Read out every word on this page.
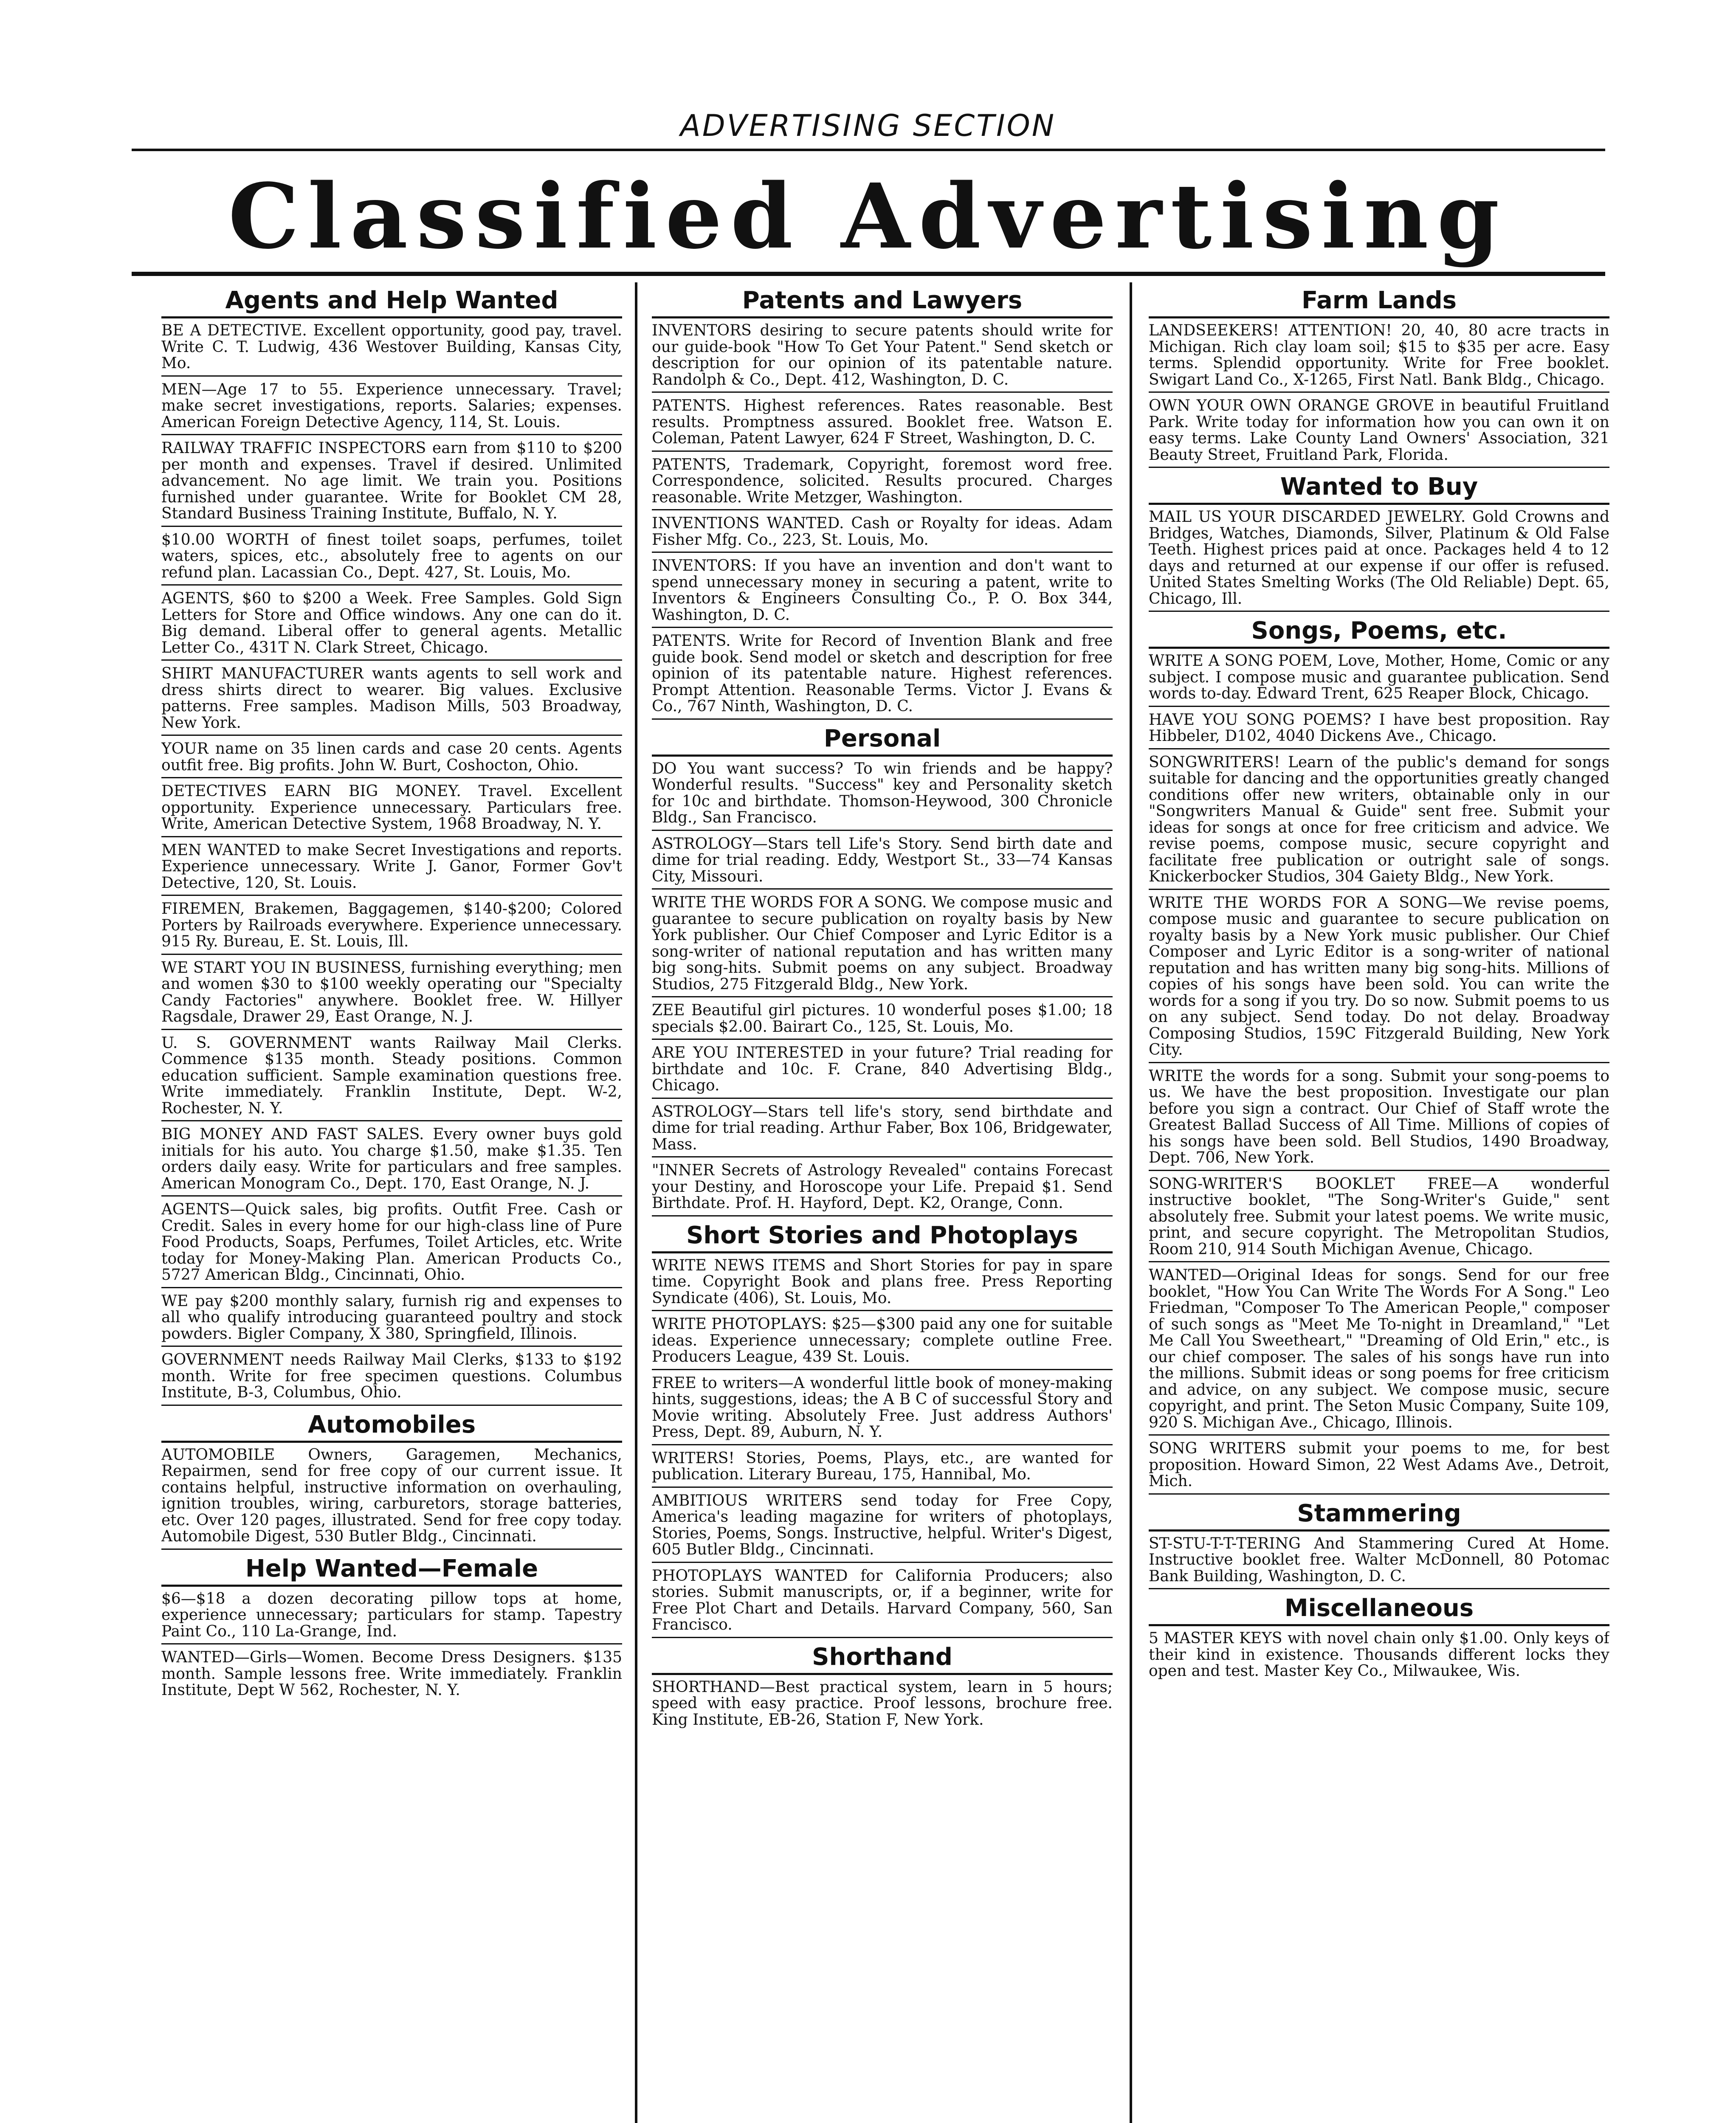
ADVERTISING SECTION
Classified Advertising
Agents and Help Wanted
BE A DETECTIVE. Excellent opportunity, good pay, travel. Write C. T. Ludwig, 436 Westover Building, Kansas City, Mo.
MEN—Age 17 to 55. Experience unnecessary. Travel; make secret investigations, reports. Salaries; expenses. American Foreign Detective Agency, 114, St. Louis.
RAILWAY TRAFFIC INSPECTORS earn from $110 to $200 per month and expenses. Travel if desired. Unlimited advancement. No age limit. We train you. Positions furnished under guarantee. Write for Booklet CM 28, Standard Business Training Institute, Buffalo, N. Y.
$10.00 WORTH of finest toilet soaps, perfumes, toilet waters, spices, etc., absolutely free to agents on our refund plan. Lacassian Co., Dept. 427, St. Louis, Mo.
AGENTS, $60 to $200 a Week. Free Samples. Gold Sign Letters for Store and Office windows. Any one can do it. Big demand. Liberal offer to general agents. Metallic Letter Co., 431T N. Clark Street, Chicago.
SHIRT MANUFACTURER wants agents to sell work and dress shirts direct to wearer. Big values. Exclusive patterns. Free samples. Madison Mills, 503 Broadway, New York.
YOUR name on 35 linen cards and case 20 cents. Agents outfit free. Big profits. John W. Burt, Coshocton, Ohio.
DETECTIVES EARN BIG MONEY. Travel. Excellent opportunity. Experience unnecessary. Particulars free. Write, American Detective System, 1968 Broadway, N. Y.
MEN WANTED to make Secret Investigations and reports. Experience unnecessary. Write J. Ganor, Former Gov't Detective, 120, St. Louis.
FIREMEN, Brakemen, Baggagemen, $140-$200; Colored Porters by Railroads everywhere. Experience unnecessary. 915 Ry. Bureau, E. St. Louis, Ill.
WE START YOU IN BUSINESS, furnishing everything; men and women $30 to $100 weekly operating our "Specialty Candy Factories" anywhere. Booklet free. W. Hillyer Ragsdale, Drawer 29, East Orange, N. J.
U. S. GOVERNMENT wants Railway Mail Clerks. Commence $135 month. Steady positions. Common education sufficient. Sample examination questions free. Write immediately. Franklin Institute, Dept. W-2, Rochester, N. Y.
BIG MONEY AND FAST SALES. Every owner buys gold initials for his auto. You charge $1.50, make $1.35. Ten orders daily easy. Write for particulars and free samples. American Monogram Co., Dept. 170, East Orange, N. J.
AGENTS—Quick sales, big profits. Outfit Free. Cash or Credit. Sales in every home for our high-class line of Pure Food Products, Soaps, Perfumes, Toilet Articles, etc. Write today for Money-Making Plan. American Products Co., 5727 American Bldg., Cincinnati, Ohio.
WE pay $200 monthly salary, furnish rig and expenses to all who qualify introducing guaranteed poultry and stock powders. Bigler Company, X 380, Springfield, Illinois.
GOVERNMENT needs Railway Mail Clerks, $133 to $192 month. Write for free specimen questions. Columbus Institute, B-3, Columbus, Ohio.
Automobiles
AUTOMOBILE Owners, Garagemen, Mechanics, Repairmen, send for free copy of our current issue. It contains helpful, instructive information on overhauling, ignition troubles, wiring, carburetors, storage batteries, etc. Over 120 pages, illustrated. Send for free copy today. Automobile Digest, 530 Butler Bldg., Cincinnati.
Help Wanted—Female
$6—$18 a dozen decorating pillow tops at home, experience unnecessary; particulars for stamp. Tapestry Paint Co., 110 La-Grange, Ind.
WANTED—Girls—Women. Become Dress Designers. $135 month. Sample lessons free. Write immediately. Franklin Institute, Dept W 562, Rochester, N. Y.
Patents and Lawyers
INVENTORS desiring to secure patents should write for our guide-book "How To Get Your Patent." Send sketch or description for our opinion of its patentable nature. Randolph & Co., Dept. 412, Washington, D. C.
PATENTS. Highest references. Rates reasonable. Best results. Promptness assured. Booklet free. Watson E. Coleman, Patent Lawyer, 624 F Street, Washington, D. C.
PATENTS, Trademark, Copyright, foremost word free. Correspondence, solicited. Results procured. Charges reasonable. Write Metzger, Washington.
INVENTIONS WANTED. Cash or Royalty for ideas. Adam Fisher Mfg. Co., 223, St. Louis, Mo.
INVENTORS: If you have an invention and don't want to spend unnecessary money in securing a patent, write to Inventors & Engineers Consulting Co., P. O. Box 344, Washington, D. C.
PATENTS. Write for Record of Invention Blank and free guide book. Send model or sketch and description for free opinion of its patentable nature. Highest references. Prompt Attention. Reasonable Terms. Victor J. Evans & Co., 767 Ninth, Washington, D. C.
Personal
DO You want success? To win friends and be happy? Wonderful results. "Success" key and Personality sketch for 10c and birthdate. Thomson-Heywood, 300 Chronicle Bldg., San Francisco.
ASTROLOGY—Stars tell Life's Story. Send birth date and dime for trial reading. Eddy, Westport St., 33—74 Kansas City, Missouri.
WRITE THE WORDS FOR A SONG. We compose music and guarantee to secure publication on royalty basis by New York publisher. Our Chief Composer and Lyric Editor is a song-writer of national reputation and has written many big song-hits. Submit poems on any subject. Broadway Studios, 275 Fitzgerald Bldg., New York.
ZEE Beautiful girl pictures. 10 wonderful poses $1.00; 18 specials $2.00. Bairart Co., 125, St. Louis, Mo.
ARE YOU INTERESTED in your future? Trial reading for birthdate and 10c. F. Crane, 840 Advertising Bldg., Chicago.
ASTROLOGY—Stars tell life's story, send birthdate and dime for trial reading. Arthur Faber, Box 106, Bridgewater, Mass.
"INNER Secrets of Astrology Revealed" contains Forecast your Destiny, and Horoscope your Life. Prepaid $1. Send Birthdate. Prof. H. Hayford, Dept. K2, Orange, Conn.
Short Stories and Photoplays
WRITE NEWS ITEMS and Short Stories for pay in spare time. Copyright Book and plans free. Press Reporting Syndicate (406), St. Louis, Mo.
WRITE PHOTOPLAYS: $25—$300 paid any one for suitable ideas. Experience unnecessary; complete outline Free. Producers League, 439 St. Louis.
FREE to writers—A wonderful little book of money-making hints, suggestions, ideas; the A B C of successful Story and Movie writing. Absolutely Free. Just address Authors' Press, Dept. 89, Auburn, N. Y.
WRITERS! Stories, Poems, Plays, etc., are wanted for publication. Literary Bureau, 175, Hannibal, Mo.
AMBITIOUS WRITERS send today for Free Copy, America's leading magazine for writers of photoplays, Stories, Poems, Songs. Instructive, helpful. Writer's Digest, 605 Butler Bldg., Cincinnati.
PHOTOPLAYS WANTED for California Producers; also stories. Submit manuscripts, or, if a beginner, write for Free Plot Chart and Details. Harvard Company, 560, San Francisco.
Shorthand
SHORTHAND—Best practical system, learn in 5 hours; speed with easy practice. Proof lessons, brochure free. King Institute, EB-26, Station F, New York.
Farm Lands
LANDSEEKERS! ATTENTION! 20, 40, 80 acre tracts in Michigan. Rich clay loam soil; $15 to $35 per acre. Easy terms. Splendid opportunity. Write for Free booklet. Swigart Land Co., X-1265, First Natl. Bank Bldg., Chicago.
OWN YOUR OWN ORANGE GROVE in beautiful Fruitland Park. Write today for information how you can own it on easy terms. Lake County Land Owners' Association, 321 Beauty Street, Fruitland Park, Florida.
Wanted to Buy
MAIL US YOUR DISCARDED JEWELRY. Gold Crowns and Bridges, Watches, Diamonds, Silver, Platinum & Old False Teeth. Highest prices paid at once. Packages held 4 to 12 days and returned at our expense if our offer is refused. United States Smelting Works (The Old Reliable) Dept. 65, Chicago, Ill.
Songs, Poems, etc.
WRITE A SONG POEM, Love, Mother, Home, Comic or any subject. I compose music and guarantee publication. Send words to-day. Edward Trent, 625 Reaper Block, Chicago.
HAVE YOU SONG POEMS? I have best proposition. Ray Hibbeler, D102, 4040 Dickens Ave., Chicago.
SONGWRITERS! Learn of the public's demand for songs suitable for dancing and the opportunities greatly changed conditions offer new writers, obtainable only in our "Songwriters Manual & Guide" sent free. Submit your ideas for songs at once for free criticism and advice. We revise poems, compose music, secure copyright and facilitate free publication or outright sale of songs. Knickerbocker Studios, 304 Gaiety Bldg., New York.
WRITE THE WORDS FOR A SONG—We revise poems, compose music and guarantee to secure publication on royalty basis by a New York music publisher. Our Chief Composer and Lyric Editor is a song-writer of national reputation and has written many big song-hits. Millions of copies of his songs have been sold. You can write the words for a song if you try. Do so now. Submit poems to us on any subject. Send today. Do not delay. Broadway Composing Studios, 159C Fitzgerald Building, New York City.
WRITE the words for a song. Submit your song-poems to us. We have the best proposition. Investigate our plan before you sign a contract. Our Chief of Staff wrote the Greatest Ballad Success of All Time. Millions of copies of his songs have been sold. Bell Studios, 1490 Broadway, Dept. 706, New York.
SONG-WRITER'S BOOKLET FREE—A wonderful instructive booklet, "The Song-Writer's Guide," sent absolutely free. Submit your latest poems. We write music, print, and secure copyright. The Metropolitan Studios, Room 210, 914 South Michigan Avenue, Chicago.
WANTED—Original Ideas for songs. Send for our free booklet, "How You Can Write The Words For A Song." Leo Friedman, "Composer To The American People," composer of such songs as "Meet Me To-night in Dreamland," "Let Me Call You Sweetheart," "Dreaming of Old Erin," etc., is our chief composer. The sales of his songs have run into the millions. Submit ideas or song poems for free criticism and advice, on any subject. We compose music, secure copyright, and print. The Seton Music Company, Suite 109, 920 S. Michigan Ave., Chicago, Illinois.
SONG WRITERS submit your poems to me, for best proposition. Howard Simon, 22 West Adams Ave., Detroit, Mich.
Stammering
ST-STU-T-T-TERING And Stammering Cured At Home. Instructive booklet free. Walter McDonnell, 80 Potomac Bank Building, Washington, D. C.
Miscellaneous
5 MASTER KEYS with novel chain only $1.00. Only keys of their kind in existence. Thousands different locks they open and test. Master Key Co., Milwaukee, Wis.
